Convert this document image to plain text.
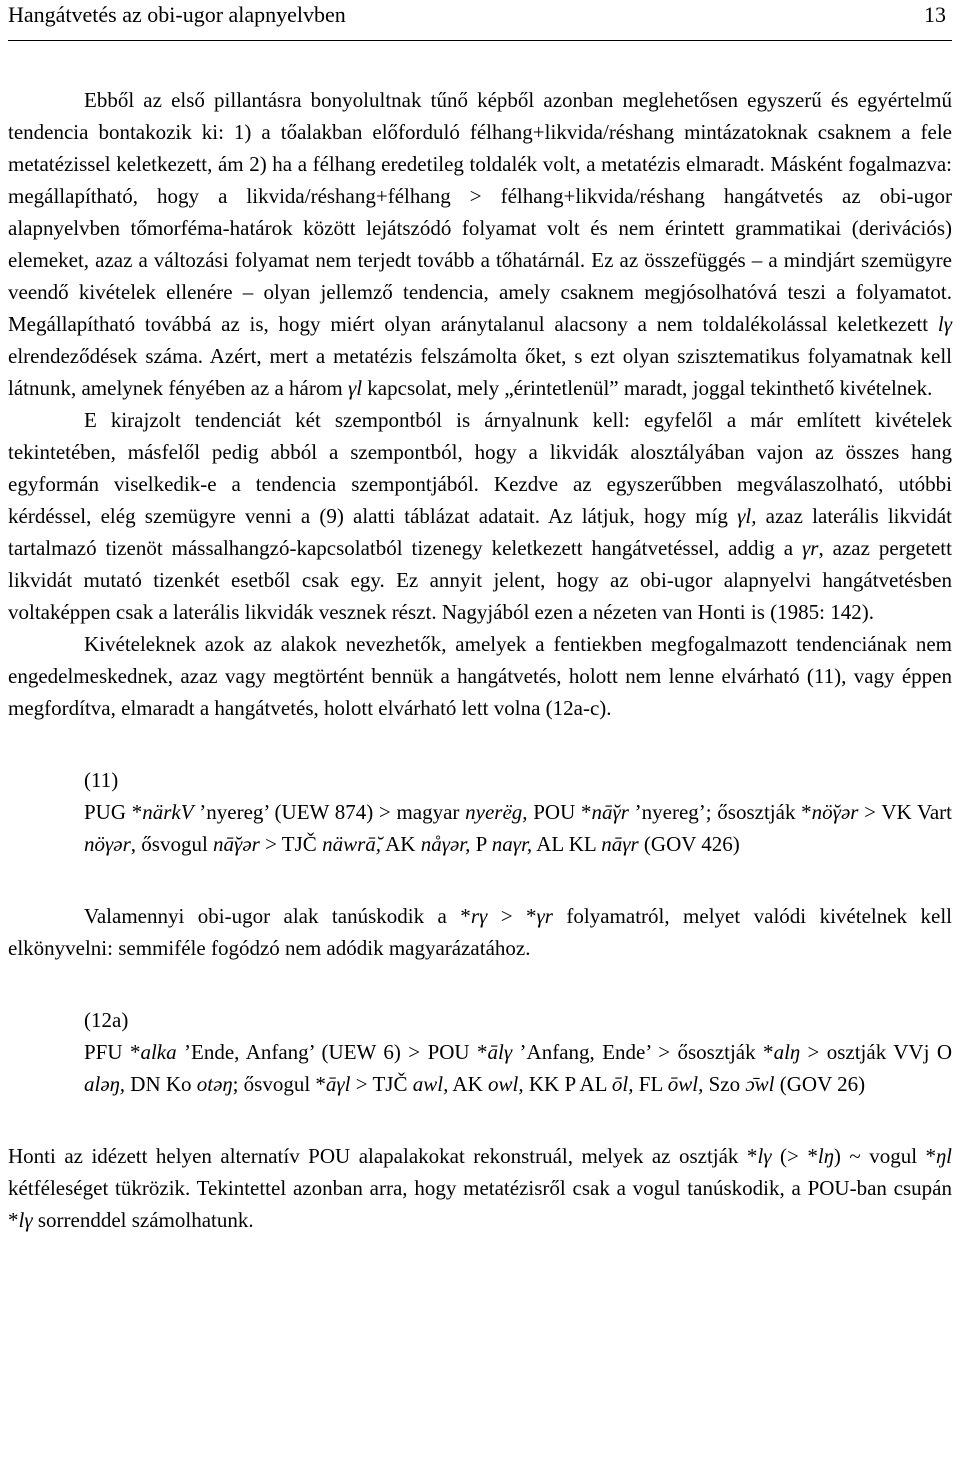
Hangátvetés az obi-ugor alapnyelvben	13

Ebből az első pillantásra bonyolultnak tűnő képből azonban meglehetősen egyszerű és egyértelmű tendencia bontakozik ki: 1) a tőalakban előforduló félhang+likvida/réshang mintázatoknak csaknem a fele metatézissel keletkezett, ám 2) ha a félhang eredetileg toldalék volt, a metatézis elmaradt. Másként fogalmazva: megállapítható, hogy a likvida/réshang+félhang > félhang+likvida/réshang hangátvetés az obi-ugor alapnyelvben tőmorféma-határok között lejátszódó folyamat volt és nem érintett grammatikai (derivációs) elemeket, azaz a változási folyamat nem terjedt tovább a tőhatárnál. Ez az összefüggés – a mindjárt szemügyre veendő kivételek ellenére – olyan jellemző tendencia, amely csaknem megjósolhatóvá teszi a folyamatot. Megállapítható továbbá az is, hogy miért olyan aránytalanul alacsony a nem toldalékolással keletkezett lγ elrendeződések száma. Azért, mert a metatézis felszámolta őket, s ezt olyan szisztematikus folyamatnak kell látnunk, amelynek fényében az a három γl kapcsolat, mely „érintetlenül” maradt, joggal tekinthető kivételnek.

E kirajzolt tendenciát két szempontból is árnyalnunk kell: egyfelől a már említett kivételek tekintetében, másfelől pedig abból a szempontból, hogy a likvidák alosztályában vajon az összes hang egyformán viselkedik-e a tendencia szempontjából. Kezdve az egyszerűbben megválaszolható, utóbbi kérdéssel, elég szemügyre venni a (9) alatti táblázat adatait. Az látjuk, hogy míg γl, azaz laterális likvidát tartalmazó tizenöt mássalhangzó-kapcsolatból tizenegy keletkezett hangátvetéssel, addig a γr, azaz pergetett likvidát mutató tizenkét esetből csak egy. Ez annyit jelent, hogy az obi-ugor alapnyelvi hangátvetésben voltaképpen csak a laterális likvidák vesznek részt. Nagyjából ezen a nézeten van Honti is (1985: 142).

Kivételeknek azok az alakok nevezhetők, amelyek a fentiekben megfogalmazott tendenciának nem engedelmeskednek, azaz vagy megtörtént bennük a hangátvetés, holott nem lenne elvárható (11), vagy éppen megfordítva, elmaradt a hangátvetés, holott elvárható lett volna (12a-c).

(11)
PUG *närkV ’nyereg’ (UEW 874) > magyar nyerëg, POU *nā̆γr ’nyereg’; ősosztják *nö̆γər > VK Vart nöγər, ősvogul nā̆γər > TJČ näwrā̆, AK nåγər, P naγr, AL KL nāγr (GOV 426)

Valamennyi obi-ugor alak tanúskodik a *rγ > *γr folyamatról, melyet valódi kivételnek kell elkönyvelni: semmiféle fogódzó nem adódik magyarázatához.

(12a)
PFU *alka ’Ende, Anfang’ (UEW 6) > POU *ālγ ’Anfang, Ende’ > ősosztják *alŋ > osztják VVj O aləŋ, DN Ko otəŋ; ősvogul *āγl > TJČ awl, AK owl, KK P AL ōl, FL ōwl, Szo ɔ̄wl (GOV 26)

Honti az idézett helyen alternatív POU alapalakokat rekonstruál, melyek az osztják *lγ (> *lŋ) ~ vogul *ŋl kétféleséget tükrözik. Tekintettel azonban arra, hogy metatézisről csak a vogul tanúskodik, a POU-ban csupán *lγ sorrenddel számolhatunk.
